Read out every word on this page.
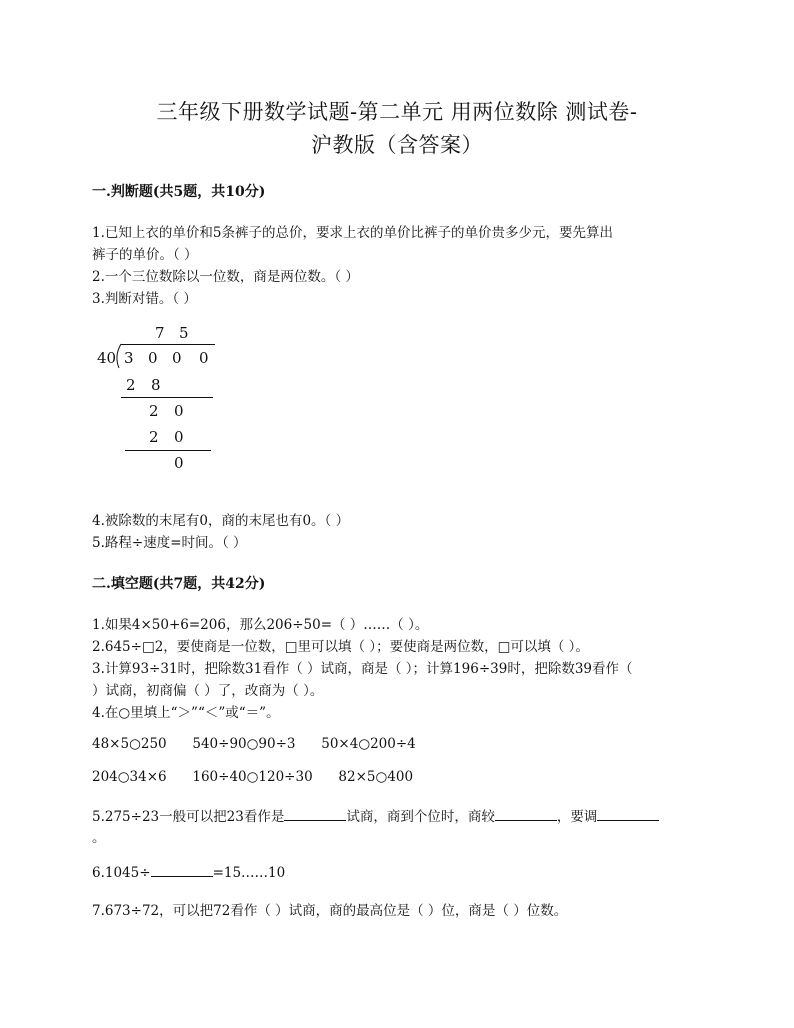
三年级下册数学试题-第二单元 用两位数除 测试卷-
沪教版（含答案）
一.判断题(共5题，共10分)
1.已知上衣的单价和5条裤子的总价，要求上衣的单价比裤子的单价贵多少元，要先算出
裤子的单价。（ ）
2.一个三位数除以一位数，商是两位数。（ ）
3.判断对错。（ ）
7 5
40 3 0 0 0
2 8
2 0
2 0
0
4.被除数的末尾有0，商的末尾也有0。（ ）
5.路程÷速度=时间。（ ）
二.填空题(共7题，共42分)
1.如果4×50+6=206，那么206÷50=（ ）……（ ）。
2.645÷□2，要使商是一位数，□里可以填（ ）；要使商是两位数，□可以填（ ）。
3.计算93÷31时，把除数31看作（ ）试商，商是（ ）；计算196÷39时，把除数39看作（
）试商，初商偏（ ）了，改商为（ ）。
4.在○里填上“＞”“＜”或“＝”。
48×5○250      540÷90○90÷3      50×4○200÷4
204○34×6      160÷40○120÷30      82×5○400
5.275÷23一般可以把23看作是	试商，商到个位时，商较	，要调
。
6.1045÷	=15……10
7.673÷72，可以把72看作（ ）试商，商的最高位是（ ）位，商是（ ）位数。
